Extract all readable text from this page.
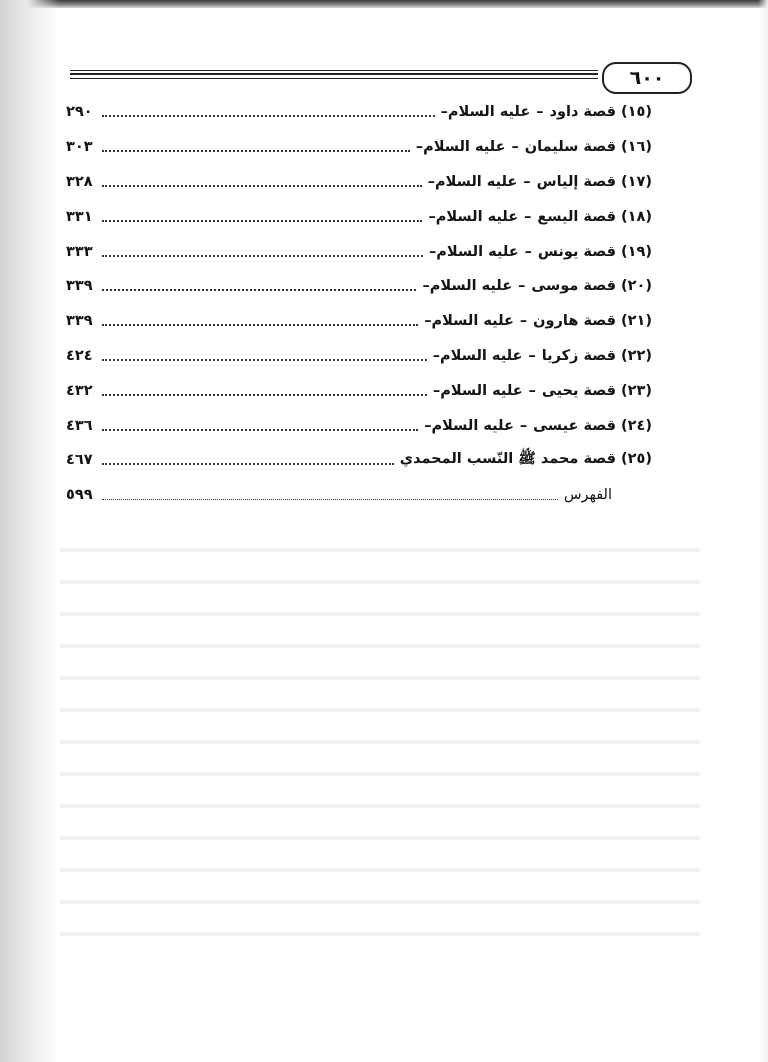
٦٠٠
(١٥)قصة داود–عليه السلام–
٢٩٠
(١٦)قصة سليمان–عليه السلام–
٣٠٣
(١٧)قصة إلياس–عليه السلام–
٣٢٨
(١٨)قصة اليسع–عليه السلام–
٣٣١
(١٩)قصة يونس–عليه السلام–
٣٣٣
(٢٠)قصة موسى–عليه السلام–
٣٣٩
(٢١)قصة هارون–عليه السلام–
٣٣٩
(٢٢)قصة زكريا–عليه السلام–
٤٢٤
(٢٣)قصة يحيى–عليه السلام–
٤٣٢
(٢٤)قصة عيسى–عليه السلام–
٤٣٦
(٢٥)قصة محمد ﷺ النّسب المحمدي
٤٦٧
الفهرس
٥٩٩
